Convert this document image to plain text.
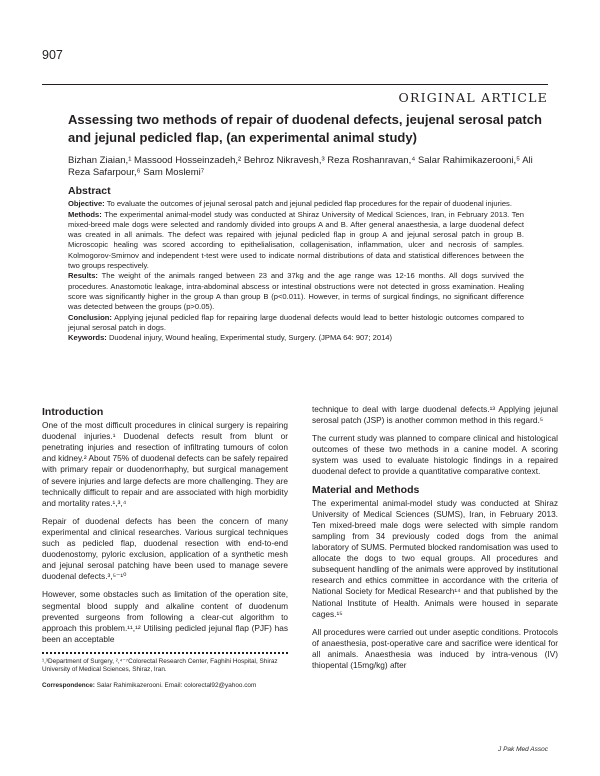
907
ORIGINAL ARTICLE
Assessing two methods of repair of duodenal defects, jeujenal serosal patch and jejunal pedicled flap, (an experimental animal study)
Bizhan Ziaian,¹ Massood Hosseinzadeh,² Behroz Nikravesh,³ Reza Roshanravan,⁴ Salar Rahimikazerooni,⁵ Ali Reza Safarpour,⁶ Sam Moslemi⁷
Abstract

Objective: To evaluate the outcomes of jejunal serosal patch and jejunal pedicled flap procedures for the repair of duodenal injuries.

Methods: The experimental animal-model study was conducted at Shiraz University of Medical Sciences, Iran, in February 2013. Ten mixed-breed male dogs were selected and randomly divided into groups A and B. After general anaesthesia, a large duodenal defect was created in all animals. The defect was repaired with jejunal pedicled flap in group A and jejunal serosal patch in group B. Microscopic healing was scored according to epithelialisation, collagenisation, inflammation, ulcer and necrosis of samples. Kolmogorov-Smirnov and independent t-test were used to indicate normal distributions of data and statistical differences between the two groups respectively.

Results: The weight of the animals ranged between 23 and 37kg and the age range was 12-16 months. All dogs survived the procedures. Anastomotic leakage, intra-abdominal abscess or intestinal obstructions were not detected in gross examination. Healing score was significantly higher in the group A than group B (p<0.011). However, in terms of surgical findings, no significant difference was detected between the groups (p>0.05).

Conclusion: Applying jejunal pedicled flap for repairing large duodenal defects would lead to better histologic outcomes compared to jejunal serosal patch in dogs.

Keywords: Duodenal injury, Wound healing, Experimental study, Surgery. (JPMA 64: 907; 2014)

Introduction

One of the most difficult procedures in clinical surgery is repairing duodenal injuries.¹ Duodenal defects result from blunt or penetrating injuries and resection of infiltrating tumours of colon and kidney.² About 75% of duodenal defects can be safely repaired with primary repair or duodenorrhaphy, but surgical management of severe injuries and large defects are more challenging. They are technically difficult to repair and are associated with high morbidity and mortality rates.¹,³,⁴

Repair of duodenal defects has been the concern of many experimental and clinical researches. Various surgical techniques such as pedicled flap, duodenal resection with end-to-end duodenostomy, pyloric exclusion, application of a synthetic mesh and jejunal serosal patching have been used to manage severe duodenal defects.³,⁵⁻¹⁰

However, some obstacles such as limitation of the operation site, segmental blood supply and alkaline content of duodenum prevented surgeons from following a clear-cut algorithm to approach this problem.¹¹,¹² Utilising pedicled jejunal flap (PJF) has been an acceptable

¹,³Department of Surgery, ²,⁴⁻⁷Colorectal Research Center, Faghihi Hospital, Shiraz University of Medical Sciences, Shiraz, Iran.

Correspondence: Salar Rahimikazerooni. Email: colorectal92@yahoo.com

technique to deal with large duodenal defects.¹³ Applying jejunal serosal patch (JSP) is another common method in this regard.⁵

The current study was planned to compare clinical and histological outcomes of these two methods in a canine model. A scoring system was used to evaluate histologic findings in a repaired duodenal defect to provide a quantitative comparative context.

Material and Methods

The experimental animal-model study was conducted at Shiraz University of Medical Sciences (SUMS), Iran, in February 2013. Ten mixed-breed male dogs were selected with simple random sampling from 34 previously coded dogs from the animal laboratory of SUMS. Permuted blocked randomisation was used to allocate the dogs to two equal groups. All procedures and subsequent handling of the animals were approved by institutional research and ethics committee in accordance with the criteria of National Society for Medical Research¹⁴ and that published by the National Institute of Health. Animals were housed in separate cages.¹⁵

All procedures were carried out under aseptic conditions. Protocols of anaesthesia, post-operative care and sacrifice were identical for all animals. Anaesthesia was induced by intra-venous (IV) thiopental (15mg/kg) after

J Pak Med Assoc
